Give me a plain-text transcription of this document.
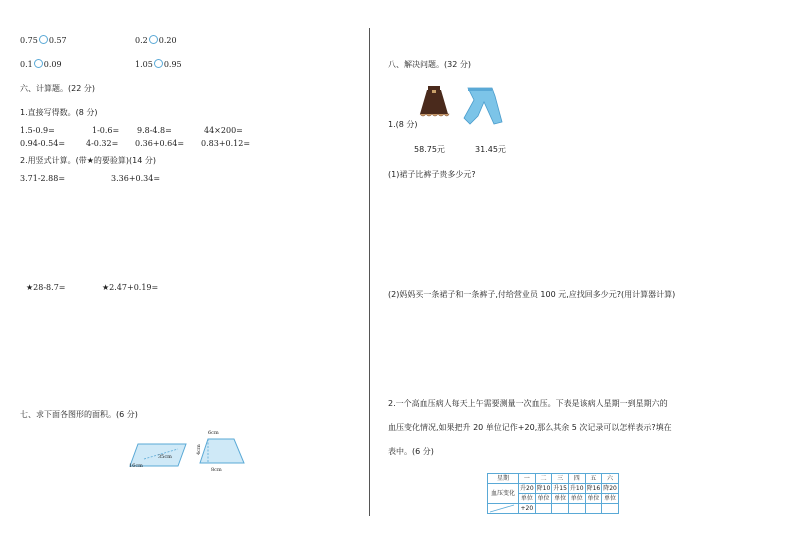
0.75 0.57	0.2 0.20
0.1 0.09	1.05 0.95
六、计算题。(22 分)
1.直接写得数。(8 分)
1.5-0.9=	1-0.6= 9.8-4.8=	44×200=
0.94-0.54=	4-0.32= 0.36+0.64= 0.83+0.12=
2.用竖式计算。(带★的要验算)(14 分)
3.71-2.88=	3.36+0.34=
★28-8.7=	★2.47+0.19=
七、求下面各图形的面积。(6 分)
35cm
16cm
6cm
4cm
8cm
八、解决问题。(32 分)
1.(8 分)
58.75元	31.45元
(1)裙子比裤子贵多少元?
(2)妈妈买一条裙子和一条裤子,付给营业员 100 元,应找回多少元?(用计算器计算)
2.一个高血压病人每天上午需要测量一次血压。下表是该病人星期一到星期六的
血压变化情况,如果把升 20 单位记作+20,那么其余 5 次记录可以怎样表示?填在
表中。(6 分)
星期	一	二	三	四	五	六
血压变化	升20	降10	升15	升10	降16	降20
	单位	单位	单位	单位	单位	单位

	+20					
